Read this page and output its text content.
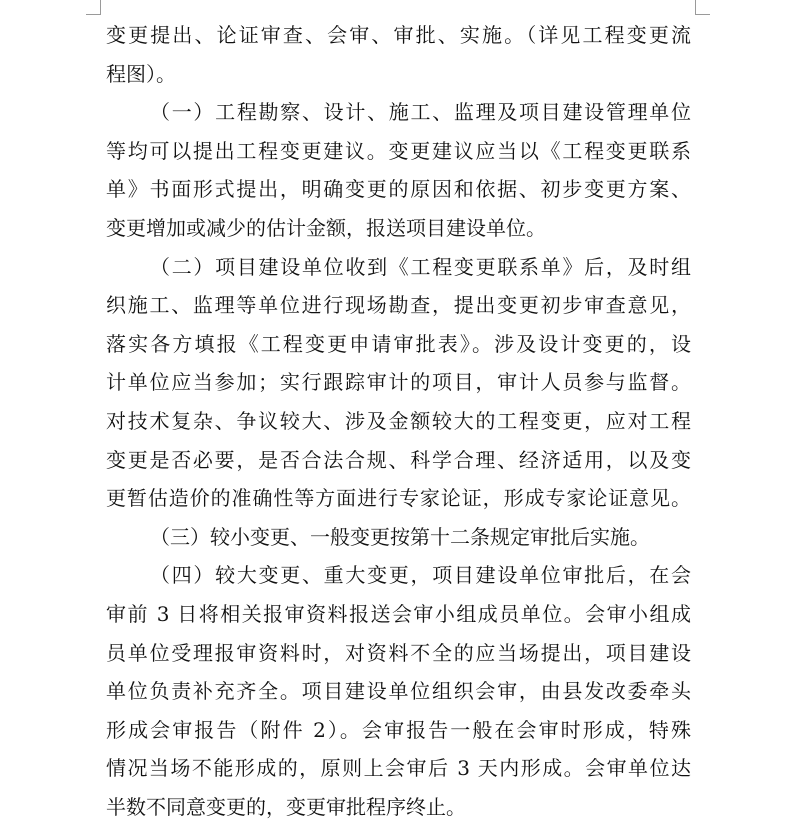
变更提出、论证审查、会审、审批、实施。（详见工程变更流
程图）。
（一）工程勘察、设计、施工、监理及项目建设管理单位
等均可以提出工程变更建议。变更建议应当以《工程变更联系
单》书面形式提出，明确变更的原因和依据、初步变更方案、
变更增加或减少的估计金额，报送项目建设单位。
（二）项目建设单位收到《工程变更联系单》后，及时组
织施工、监理等单位进行现场勘查，提出变更初步审查意见，
落实各方填报《工程变更申请审批表》。涉及设计变更的，设
计单位应当参加；实行跟踪审计的项目，审计人员参与监督。
对技术复杂、争议较大、涉及金额较大的工程变更，应对工程
变更是否必要，是否合法合规、科学合理、经济适用，以及变
更暂估造价的准确性等方面进行专家论证，形成专家论证意见。
（三）较小变更、一般变更按第十二条规定审批后实施。
（四）较大变更、重大变更，项目建设单位审批后，在会
审前 3 日将相关报审资料报送会审小组成员单位。会审小组成
员单位受理报审资料时，对资料不全的应当场提出，项目建设
单位负责补充齐全。项目建设单位组织会审，由县发改委牵头
形成会审报告（附件 2）。会审报告一般在会审时形成，特殊
情况当场不能形成的，原则上会审后 3 天内形成。会审单位达
半数不同意变更的，变更审批程序终止。
